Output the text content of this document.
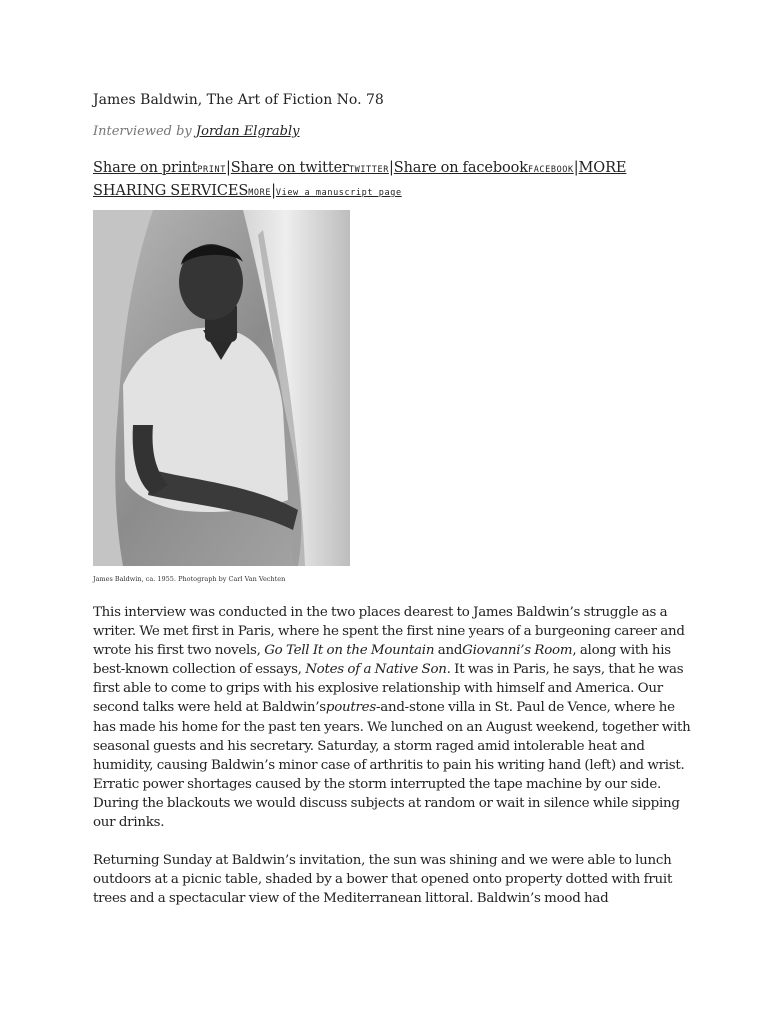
James Baldwin, The Art of Fiction No. 78
Interviewed by Jordan Elgrably
Share on printPRINT|Share on twitterTWITTER|Share on facebookFACEBOOK|MORE SHARING SERVICESMORE|View a manuscript page
James Baldwin, ca. 1955. Photograph by Carl Van Vechten

This interview was conducted in the two places dearest to James Baldwin’s struggle as a writer. We met first in Paris, where he spent the first nine years of a burgeoning career and wrote his first two novels, Go Tell It on the Mountain andGiovanni’s Room, along with his best-known collection of essays, Notes of a Native Son. It was in Paris, he says, that he was first able to come to grips with his explosive relationship with himself and America. Our second talks were held at Baldwin’spoutres-and-stone villa in St. Paul de Vence, where he has made his home for the past ten years. We lunched on an August weekend, together with seasonal guests and his secretary. Saturday, a storm raged amid intolerable heat and humidity, causing Baldwin’s minor case of arthritis to pain his writing hand (left) and wrist. Erratic power shortages caused by the storm interrupted the tape machine by our side. During the blackouts we would discuss subjects at random or wait in silence while sipping our drinks.

Returning Sunday at Baldwin’s invitation, the sun was shining and we were able to lunch outdoors at a picnic table, shaded by a bower that opened onto property dotted with fruit trees and a spectacular view of the Mediterranean littoral. Baldwin’s mood had
